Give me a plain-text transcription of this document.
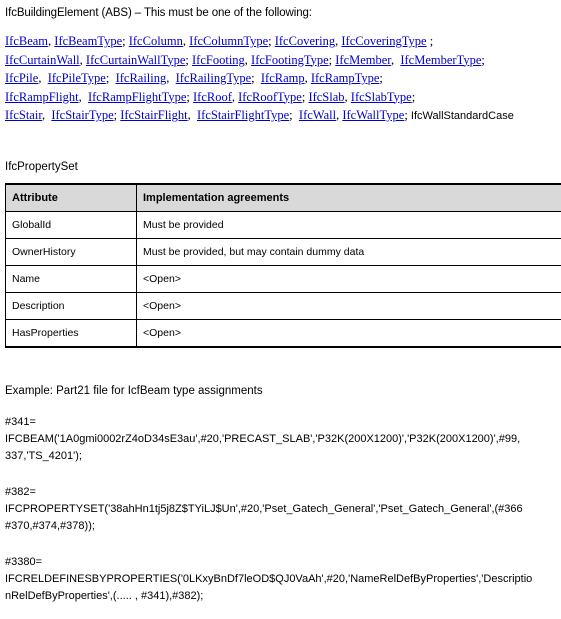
IfcBuildingElement (ABS) – This must be one of the following:
IfcBeam, IfcBeamType; IfcColumn, IfcColumnType; IfcCovering, IfcCoveringType ;
IfcCurtainWall, IfcCurtainWallType; IfcFooting, IfcFootingType; IfcMember,  IfcMemberType;
IfcPile,  IfcPileType;  IfcRailing,  IfcRailingType;  IfcRamp, IfcRampType;
IfcRampFlight,  IfcRampFlightType; IfcRoof, IfcRoofType; IfcSlab, IfcSlabType;
IfcStair,  IfcStairType; IfcStairFlight,  IfcStairFlightType;  IfcWall, IfcWallType; IfcWallStandardCase
IfcPropertySet
Attribute	Implementation agreements
GlobalId	Must be provided
OwnerHistory	Must be provided, but may contain dummy data
Name	<Open>
Description	<Open>
HasProperties	<Open>
Example: Part21 file for IcfBeam type assignments
#341=
IFCBEAM('1A0gmi0002rZ4oD34sE3au',#20,'PRECAST_SLAB','P32K(200X1200)','P32K(200X1200)',#99,
337,'TS_4201');
#382=
IFCPROPERTYSET('38ahHn1tj5j8Z$TYiLJ$Un',#20,'Pset_Gatech_General','Pset_Gatech_General',(#366
#370,#374,#378));
#3380=
IFCRELDEFINESBYPROPERTIES('0LKxyBnDf7leOD$QJ0VaAh',#20,'NameRelDefByProperties','Descriptio
nRelDefByProperties',(..... , #341),#382);
